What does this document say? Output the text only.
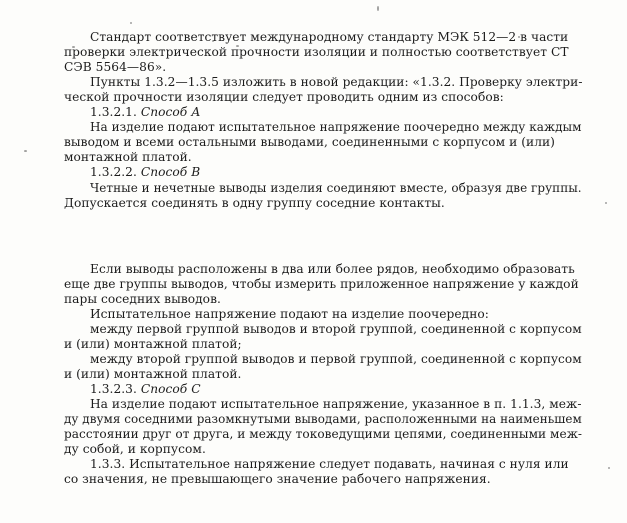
Стандарт соответствует международному стандарту МЭК 512—2 в части
проверки электрической прочности изоляции и полностью соответствует СТ
СЭВ 5564—86».
Пункты 1.3.2—1.3.5 изложить в новой редакции: «1.3.2. Проверку электри-
ческой прочности изоляции следует проводить одним из способов:
1.3.2.1. Способ А
На изделие подают испытательное напряжение поочередно между каждым
выводом и всеми остальными выводами, соединенными с корпусом и (или)
монтажной платой.
1.3.2.2. Способ В
Четные и нечетные выводы изделия соединяют вместе, образуя две группы.
Допускается соединять в одну группу соседние контакты.
Если выводы расположены в два или более рядов, необходимо образовать
еще две группы выводов, чтобы измерить приложенное напряжение у каждой
пары соседних выводов.
Испытательное напряжение подают на изделие поочередно:
между первой группой выводов и второй группой, соединенной с корпусом
и (или) монтажной платой;
между второй группой выводов и первой группой, соединенной с корпусом
и (или) монтажной платой.
1.3.2.3. Способ С
На изделие подают испытательное напряжение, указанное в п. 1.1.3, меж-
ду двумя соседними разомкнутыми выводами, расположенными на наименьшем
расстоянии друг от друга, и между токоведущими цепями, соединенными меж-
ду собой, и корпусом.
1.3.3. Испытательное напряжение следует подавать, начиная с нуля или
со значения, не превышающего значение рабочего напряжения.
